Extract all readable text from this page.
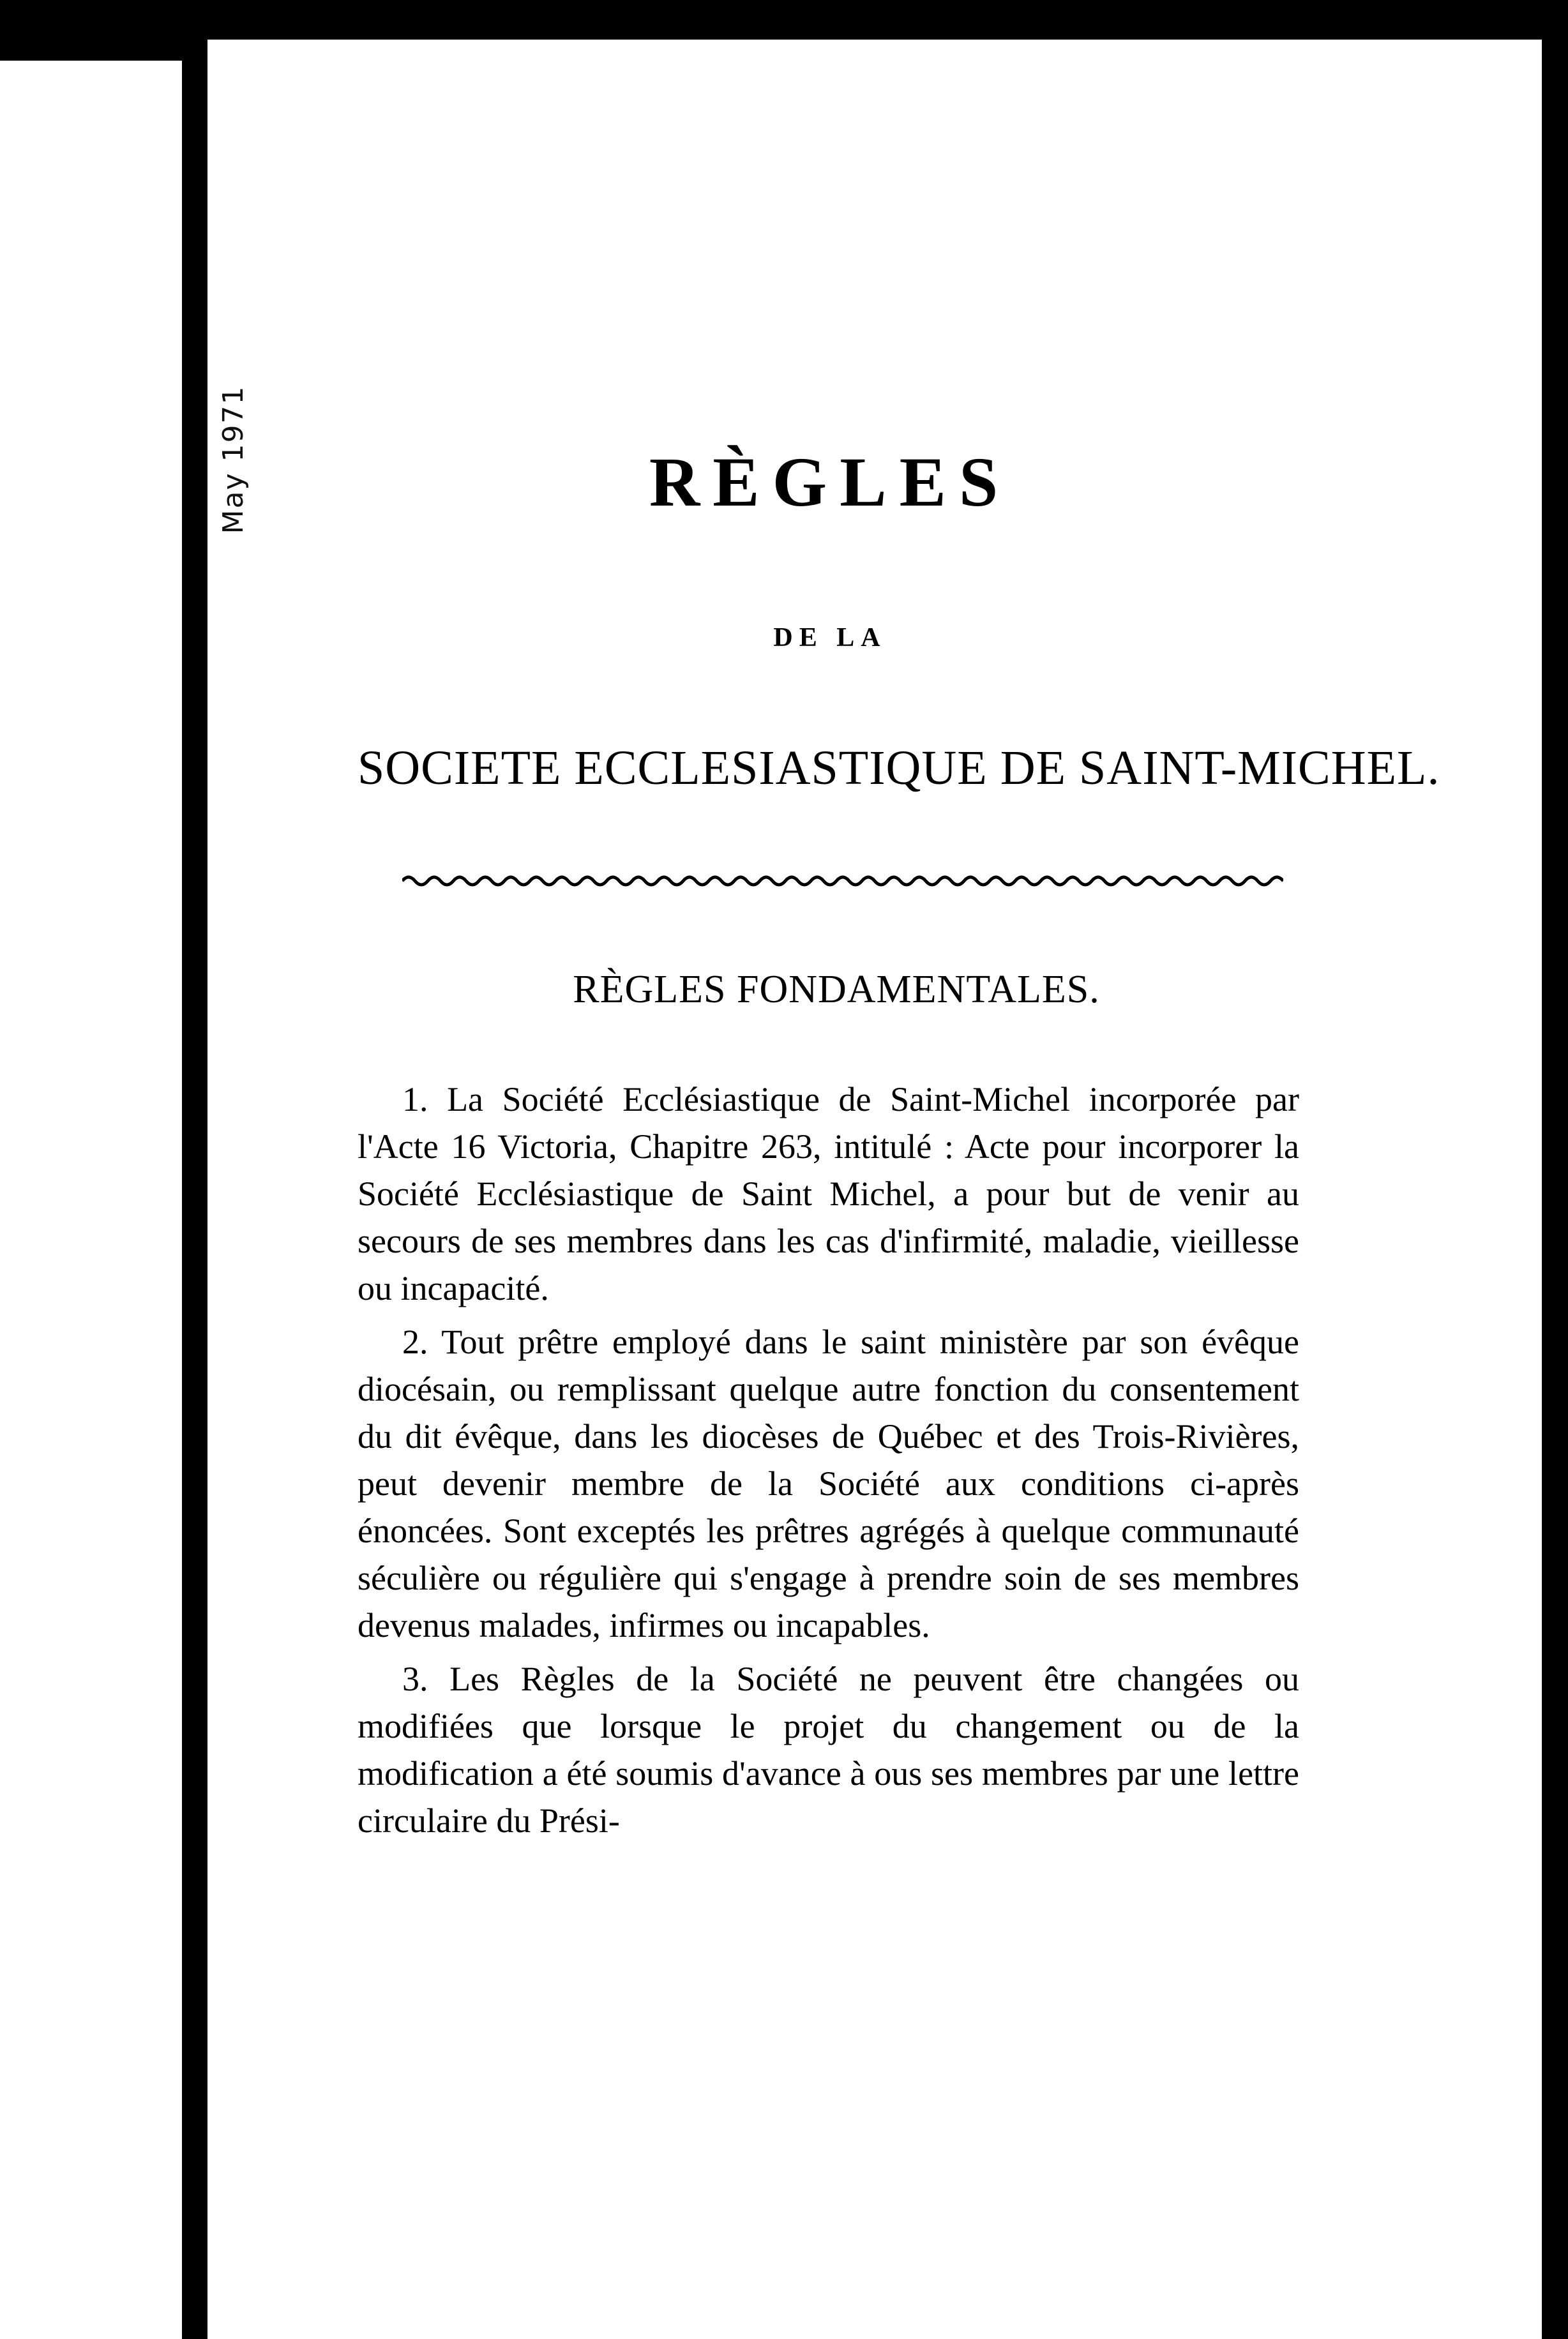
May 1971	RÈGLES
DE LA
SOCIETE ECCLESIASTIQUE DE SAINT-MICHEL.
RÈGLES FONDAMENTALES.

1. La Société Ecclésiastique de Saint-Michel incorporée par l'Acte 16 Victoria, Chapitre 263, intitulé : Acte pour incorporer la Société Ecclésiastique de Saint Michel, a pour but de venir au secours de ses membres dans les cas d'infirmité, maladie, vieillesse ou incapacité.

2. Tout prêtre employé dans le saint ministère par son évêque diocésain, ou remplissant quelque autre fonction du consentement du dit évêque, dans les diocèses de Québec et des Trois-Rivières, peut devenir membre de la Société aux conditions ci-après énoncées. Sont exceptés les prêtres agrégés à quelque communauté séculière ou régulière qui s'engage à prendre soin de ses membres devenus malades, infirmes ou incapables.

3. Les Règles de la Société ne peuvent être changées ou modifiées que lorsque le projet du changement ou de la modification a été soumis d'avance à ous ses membres par une lettre circulaire du Prési-
